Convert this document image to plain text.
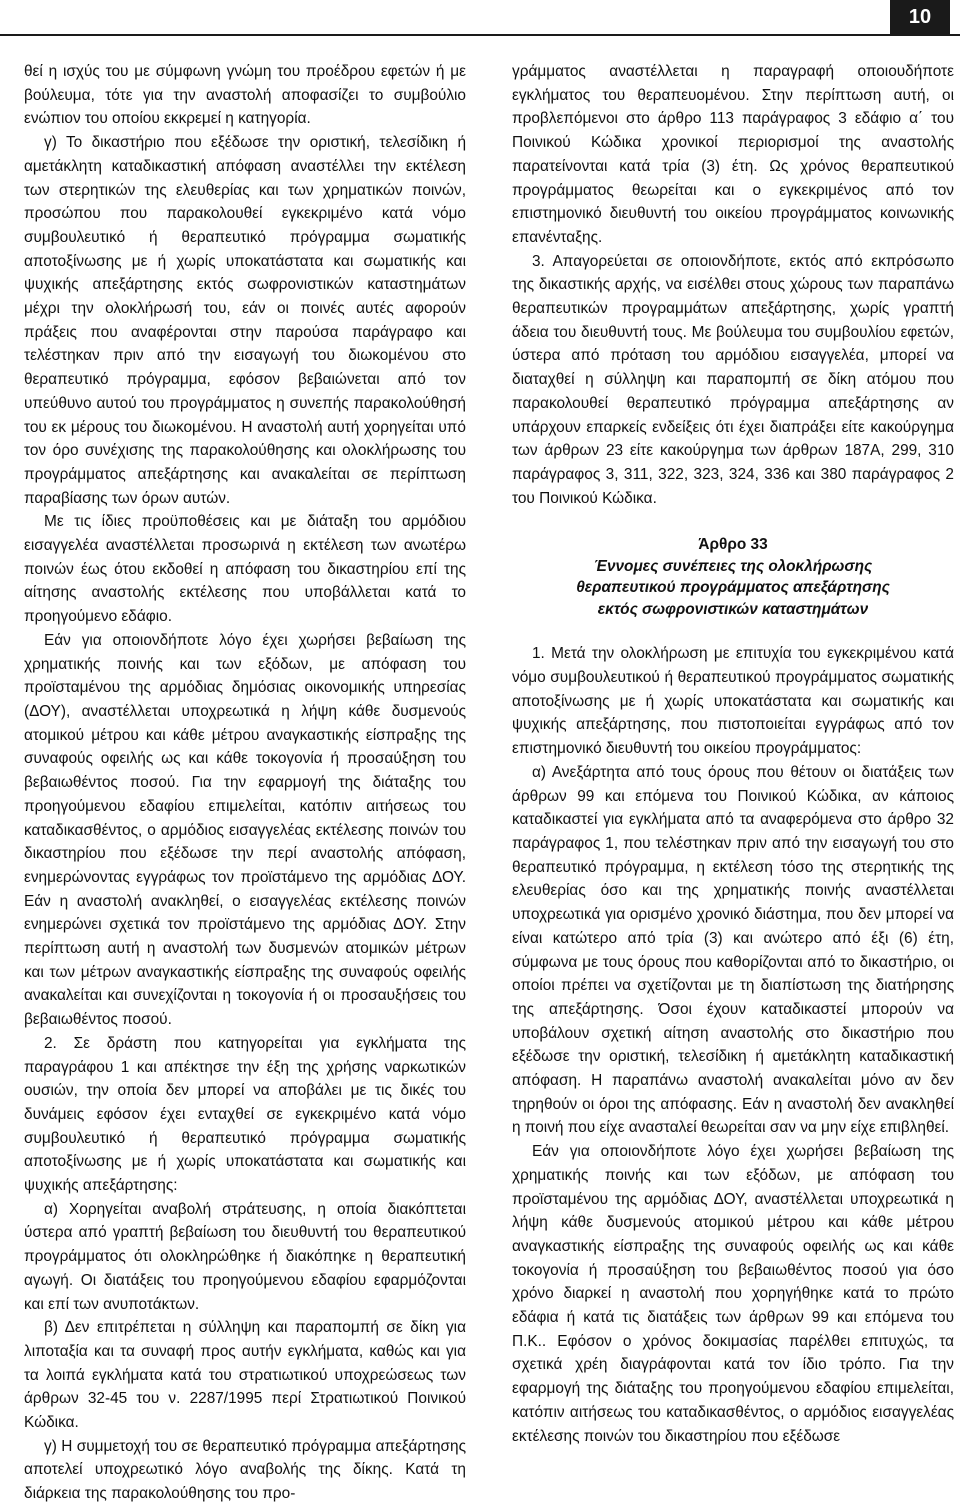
10

θεί η ισχύς του με σύμφωνη γνώμη του προέδρου εφετών ή με βούλευμα, τότε για την αναστολή αποφασίζει το συμβούλιο ενώπιον του οποίου εκκρεμεί η κατηγορία.

γ) Το δικαστήριο που εξέδωσε την οριστική, τελεσίδικη ή αμετάκλητη καταδικαστική απόφαση αναστέλλει την εκτέλεση των στερητικών της ελευθερίας και των χρηματικών ποινών, προσώπου που παρακολουθεί εγκεκριμένο κατά νόμο συμβουλευτικό ή θεραπευτικό πρόγραμμα σωματικής αποτοξίνωσης με ή χωρίς υποκατάστατα και σωματικής και ψυχικής απεξάρτησης εκτός σωφρονιστικών καταστημάτων μέχρι την ολοκλήρωσή του, εάν οι ποινές αυτές αφορούν πράξεις που αναφέρονται στην παρούσα παράγραφο και τελέστηκαν πριν από την εισαγωγή του διωκομένου στο θεραπευτικό πρόγραμμα, εφόσον βεβαιώνεται από τον υπεύθυνο αυτού του προγράμματος η συνεπής παρακολούθησή του εκ μέρους του διωκομένου. Η αναστολή αυτή χορηγείται υπό τον όρο συνέχισης της παρακολούθησης και ολοκλήρωσης του προγράμματος απεξάρτησης και ανακαλείται σε περίπτωση παραβίασης των όρων αυτών.

Με τις ίδιες προϋποθέσεις και με διάταξη του αρμόδιου εισαγγελέα αναστέλλεται προσωρινά η εκτέλεση των ανωτέρω ποινών έως ότου εκδοθεί η απόφαση του δικαστηρίου επί της αίτησης αναστολής εκτέλεσης που υποβάλλεται κατά το προηγούμενο εδάφιο.

Εάν για οποιονδήποτε λόγο έχει χωρήσει βεβαίωση της χρηματικής ποινής και των εξόδων, με απόφαση του προϊσταμένου της αρμόδιας δημόσιας οικονομικής υπηρεσίας (ΔΟΥ), αναστέλλεται υποχρεωτικά η λήψη κάθε δυσμενούς ατομικού μέτρου και κάθε μέτρου αναγκαστικής είσπραξης της συναφούς οφειλής ως και κάθε τοκογονία ή προσαύξηση του βεβαιωθέντος ποσού. Για την εφαρμογή της διάταξης του προηγούμενου εδαφίου επιμελείται, κατόπιν αιτήσεως του καταδικασθέντος, ο αρμόδιος εισαγγελέας εκτέλεσης ποινών του δικαστηρίου που εξέδωσε την περί αναστολής απόφαση, ενημερώνοντας εγγράφως τον προϊστάμενο της αρμόδιας ΔΟΥ. Εάν η αναστολή ανακληθεί, ο εισαγγελέας εκτέλεσης ποινών ενημερώνει σχετικά τον προϊστάμενο της αρμόδιας ΔΟΥ. Στην περίπτωση αυτή η αναστολή των δυσμενών ατομικών μέτρων και των μέτρων αναγκαστικής είσπραξης της συναφούς οφειλής ανακαλείται και συνεχίζονται η τοκογονία ή οι προσαυξήσεις του βεβαιωθέντος ποσού.

2. Σε δράστη που κατηγορείται για εγκλήματα της παραγράφου 1 και απέκτησε την έξη της χρήσης ναρκωτικών ουσιών, την οποία δεν μπορεί να αποβάλει με τις δικές του δυνάμεις εφόσον έχει ενταχθεί σε εγκεκριμένο κατά νόμο συμβουλευτικό ή θεραπευτικό πρόγραμμα σωματικής αποτοξίνωσης με ή χωρίς υποκατάστατα και σωματικής και ψυχικής απεξάρτησης:

α) Χορηγείται αναβολή στράτευσης, η οποία διακόπτεται ύστερα από γραπτή βεβαίωση του διευθυντή του θεραπευτικού προγράμματος ότι ολοκληρώθηκε ή διακόπηκε η θεραπευτική αγωγή. Οι διατάξεις του προηγούμενου εδαφίου εφαρμόζονται και επί των ανυποτάκτων.

β) Δεν επιτρέπεται η σύλληψη και παραπομπή σε δίκη για λιποταξία και τα συναφή προς αυτήν εγκλήματα, καθώς και για τα λοιπά εγκλήματα κατά του στρατιωτικού υποχρεώσεως των άρθρων 32-45 του ν. 2287/1995 περί Στρατιωτικού Ποινικού Κώδικα.

γ) Η συμμετοχή του σε θεραπευτικό πρόγραμμα απεξάρτησης αποτελεί υποχρεωτικό λόγο αναβολής της δίκης. Κατά τη διάρκεια της παρακολούθησης του προ-

γράμματος αναστέλλεται η παραγραφή οποιουδήποτε εγκλήματος του θεραπευομένου. Στην περίπτωση αυτή, οι προβλεπόμενοι στο άρθρο 113 παράγραφος 3 εδάφιο α΄ του Ποινικού Κώδικα χρονικοί περιορισμοί της αναστολής παρατείνονται κατά τρία (3) έτη. Ως χρόνος θεραπευτικού προγράμματος θεωρείται και ο εγκεκριμένος από τον επιστημονικό διευθυντή του οικείου προγράμματος κοινωνικής επανένταξης.

3. Απαγορεύεται σε οποιονδήποτε, εκτός από εκπρόσωπο της δικαστικής αρχής, να εισέλθει στους χώρους των παραπάνω θεραπευτικών προγραμμάτων απεξάρτησης, χωρίς γραπτή άδεια του διευθυντή τους. Με βούλευμα του συμβουλίου εφετών, ύστερα από πρόταση του αρμόδιου εισαγγελέα, μπορεί να διαταχθεί η σύλληψη και παραπομπή σε δίκη ατόμου που παρακολουθεί θεραπευτικό πρόγραμμα απεξάρτησης αν υπάρχουν επαρκείς ενδείξεις ότι έχει διαπράξει είτε κακούργημα των άρθρων 23 είτε κακούργημα των άρθρων 187Α, 299, 310 παράγραφος 3, 311, 322, 323, 324, 336 και 380 παράγραφος 2 του Ποινικού Κώδικα.

Άρθρο 33
Έννομες συνέπειες της ολοκλήρωσης
θεραπευτικού προγράμματος απεξάρτησης
εκτός σωφρονιστικών καταστημάτων

1. Μετά την ολοκλήρωση με επιτυχία του εγκεκριμένου κατά νόμο συμβουλευτικού ή θεραπευτικού προγράμματος σωματικής αποτοξίνωσης με ή χωρίς υποκατάστατα και σωματικής και ψυχικής απεξάρτησης, που πιστοποιείται εγγράφως από τον επιστημονικό διευθυντή του οικείου προγράμματος:

α) Ανεξάρτητα από τους όρους που θέτουν οι διατάξεις των άρθρων 99 και επόμενα του Ποινικού Κώδικα, αν κάποιος καταδικαστεί για εγκλήματα από τα αναφερόμενα στο άρθρο 32 παράγραφος 1, που τελέστηκαν πριν από την εισαγωγή του στο θεραπευτικό πρόγραμμα, η εκτέλεση τόσο της στερητικής της ελευθερίας όσο και της χρηματικής ποινής αναστέλλεται υποχρεωτικά για ορισμένο χρονικό διάστημα, που δεν μπορεί να είναι κατώτερο από τρία (3) και ανώτερο από έξι (6) έτη, σύμφωνα με τους όρους που καθορίζονται από το δικαστήριο, οι οποίοι πρέπει να σχετίζονται με τη διαπίστωση της διατήρησης της απεξάρτησης. Όσοι έχουν καταδικαστεί μπορούν να υποβάλουν σχετική αίτηση αναστολής στο δικαστήριο που εξέδωσε την οριστική, τελεσίδικη ή αμετάκλητη καταδικαστική απόφαση. Η παραπάνω αναστολή ανακαλείται μόνο αν δεν τηρηθούν οι όροι της απόφασης. Εάν η αναστολή δεν ανακληθεί η ποινή που είχε ανασταλεί θεωρείται σαν να μην είχε επιβληθεί.

Εάν για οποιονδήποτε λόγο έχει χωρήσει βεβαίωση της χρηματικής ποινής και των εξόδων, με απόφαση του προϊσταμένου της αρμόδιας ΔΟΥ, αναστέλλεται υποχρεωτικά η λήψη κάθε δυσμενούς ατομικού μέτρου και κάθε μέτρου αναγκαστικής είσπραξης της συναφούς οφειλής ως και κάθε τοκογονία ή προσαύξηση του βεβαιωθέντος ποσού για όσο χρόνο διαρκεί η αναστολή που χορηγήθηκε κατά το πρώτο εδάφια ή κατά τις διατάξεις των άρθρων 99 και επόμενα του Π.Κ.. Εφόσον ο χρόνος δοκιμασίας παρέλθει επιτυχώς, τα σχετικά χρέη διαγράφονται κατά τον ίδιο τρόπο. Για την εφαρμογή της διάταξης του προηγούμενου εδαφίου επιμελείται, κατόπιν αιτήσεως του καταδικασθέντος, ο αρμόδιος εισαγγελέας εκτέλεσης ποινών του δικαστηρίου που εξέδωσε
